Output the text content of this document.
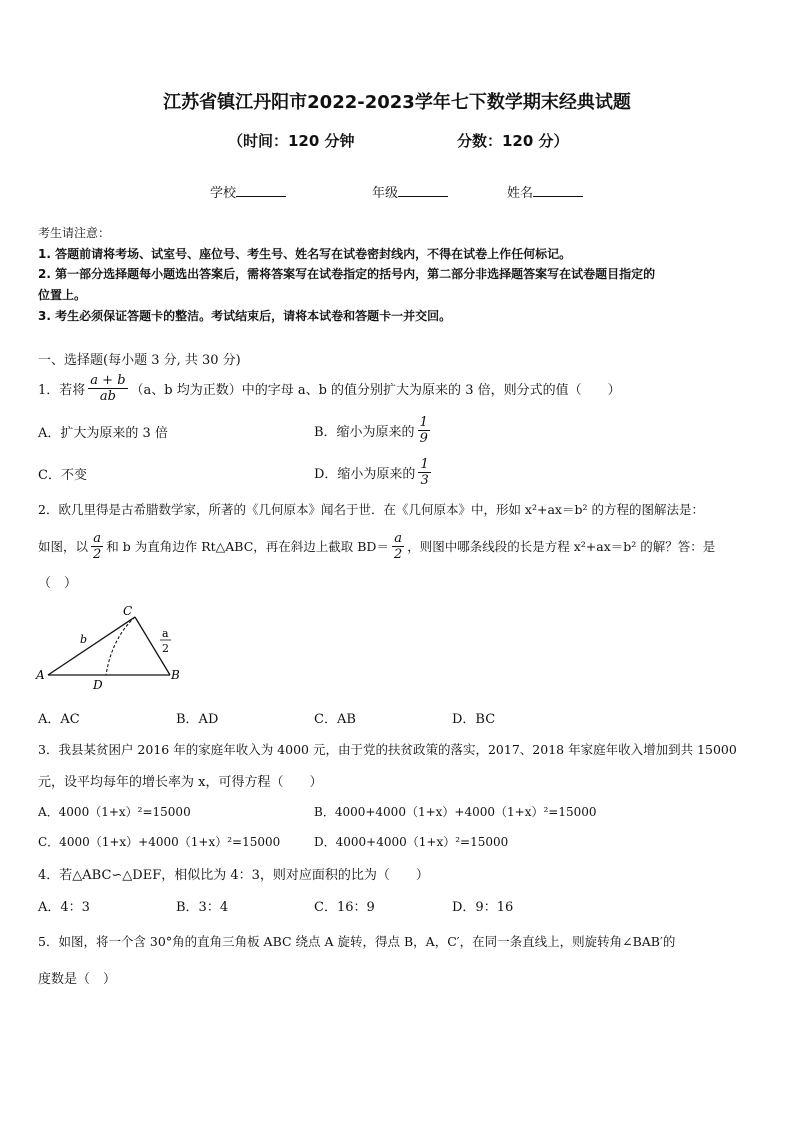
江苏省镇江丹阳市2022-2023学年七下数学期末经典试题
（时间：120 分钟	分数：120 分）
学校	年级	姓名
考生请注意：
1. 答题前请将考场、试室号、座位号、考生号、姓名写在试卷密封线内，不得在试卷上作任何标记。
2. 第一部分选择题每小题选出答案后，需将答案写在试卷指定的括号内，第二部分非选择题答案写在试卷题目指定的
位置上。
3. 考生必须保证答题卡的整洁。考试结束后，请将本试卷和答题卡一并交回。
一、选择题(每小题 3 分, 共 30 分)
1．若将 $\frac{a + b}{ab} (a$、b 均为正数）中的字母 a、b 的值分别扩大为原来的 3 倍，则分式的值（　　）
A．扩大为原来的 3 倍	B．缩小为原来的 $\frac{1}{9}$
C．不变	D．缩小为原来的 $\frac{1}{3}$
2．欧几里得是古希腊数学家，所著的《几何原本》闻名于世．在《几何原本》中，形如 x²+ax＝b² 的方程的图解法是：
如图，以 $\frac{a}{2}$ 和 b 为直角边作 Rt△ABC，再在斜边上截取 $BD= \frac{a}{2}$ ，则图中哪条线段的长是方程 x²+ax＝b² 的解？答：是
（　）
A	B
C
D
b	a
2
A．AC	B．AD	C．AB	D．BC
3．我县某贫困户 2016 年的家庭年收入为 4000 元，由于党的扶贫政策的落实，2017、2018 年家庭年收入增加到共 15000
元，设平均每年的增长率为 x，可得方程（　　）
A．4000（1+x）²=15000	B．4000+4000（1+x）+4000（1+x）²=15000
C．4000（1+x）+4000（1+x）²=15000	D．4000+4000（1+x）²=15000
4．若△ABC∽△DEF，相似比为 4：3，则对应面积的比为（　　）
A．4：3	B．3：4	C．16：9	D．9：16
5．如图，将一个含 30°角的直角三角板 ABC 绕点 A 旋转，得点 B，A，C′，在同一条直线上，则旋转角∠BAB′的
度数是（　）
